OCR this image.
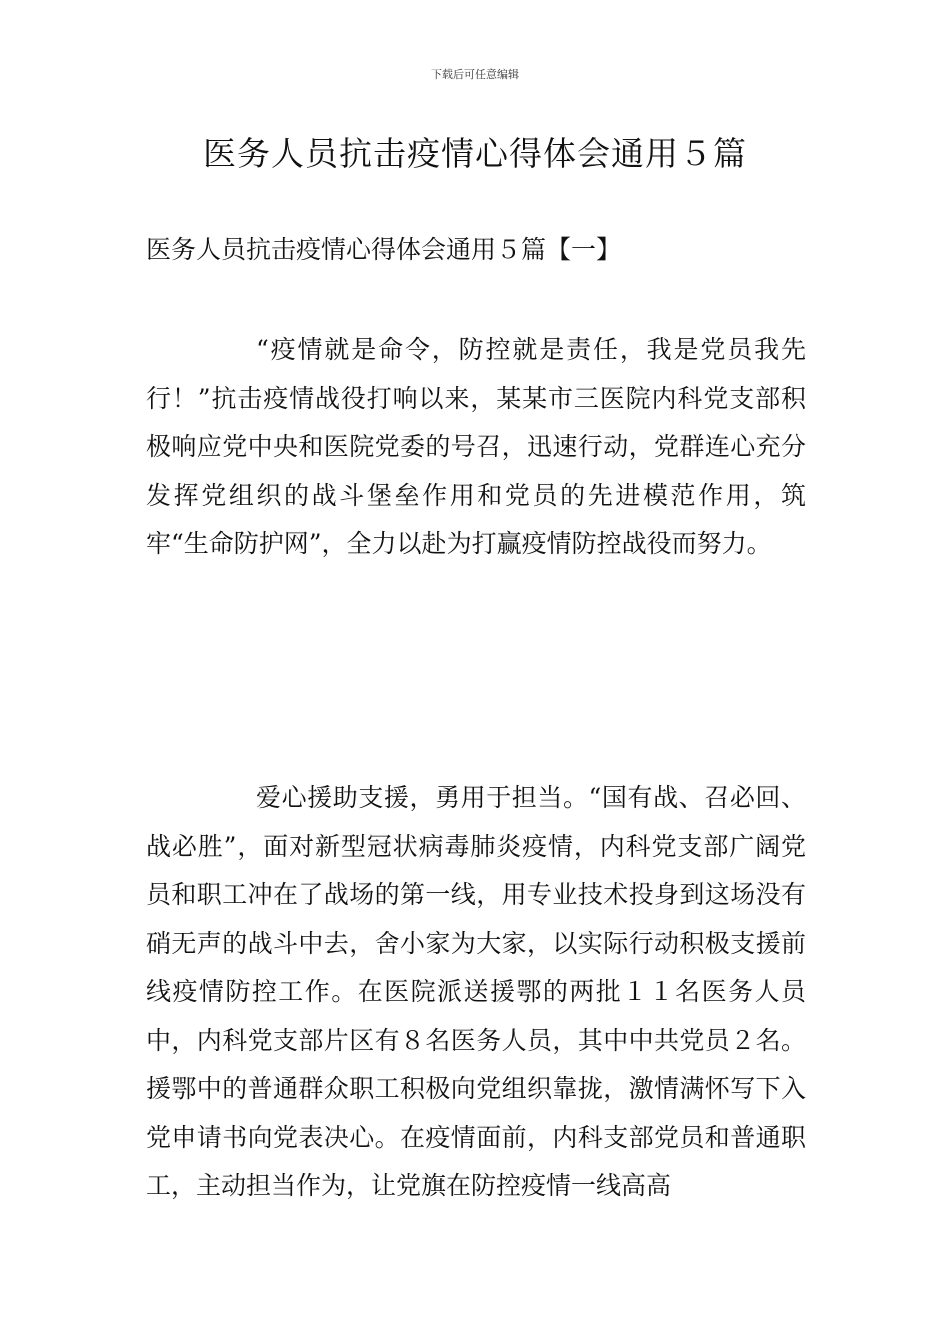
下载后可任意编辑
医务人员抗击疫情心得体会通用５篇
医务人员抗击疫情心得体会通用５篇【一】

“疫情就是命令，防控就是责任，我是党员我先行！”抗击疫情战役打响以来，某某市三医院内科党支部积极响应党中央和医院党委的号召，迅速行动，党群连心充分发挥党组织的战斗堡垒作用和党员的先进模范作用，筑牢“生命防护网”，全力以赴为打赢疫情防控战役而努力。

爱心援助支援，勇用于担当。“国有战、召必回、战必胜”，面对新型冠状病毒肺炎疫情，内科党支部广阔党员和职工冲在了战场的第一线，用专业技术投身到这场没有硝无声的战斗中去，舍小家为大家，以实际行动积极支援前线疫情防控工作。在医院派送援鄂的两批１１名医务人员中，内科党支部片区有８名医务人员，其中中共党员２名。援鄂中的普通群众职工积极向党组织靠拢，激情满怀写下入党申请书向党表决心。在疫情面前，内科支部党员和普通职工，主动担当作为，让党旗在防控疫情一线高高
